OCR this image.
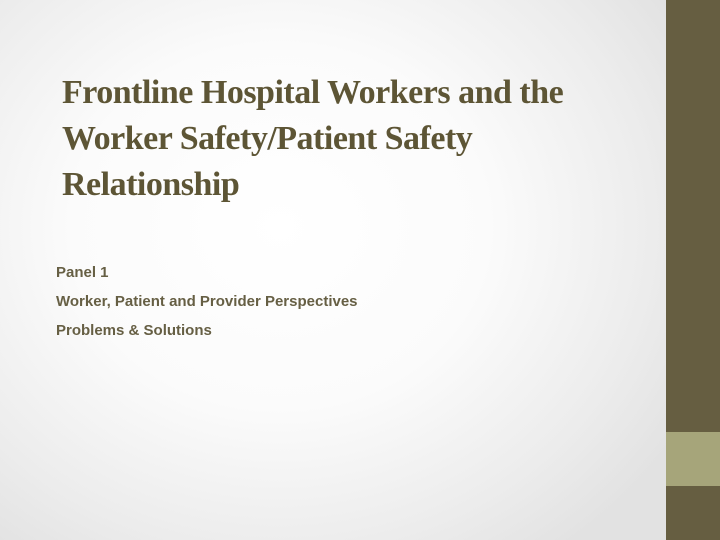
Frontline Hospital Workers and the
Worker Safety/Patient Safety
Relationship
Panel 1
Worker, Patient and Provider Perspectives
Problems & Solutions
